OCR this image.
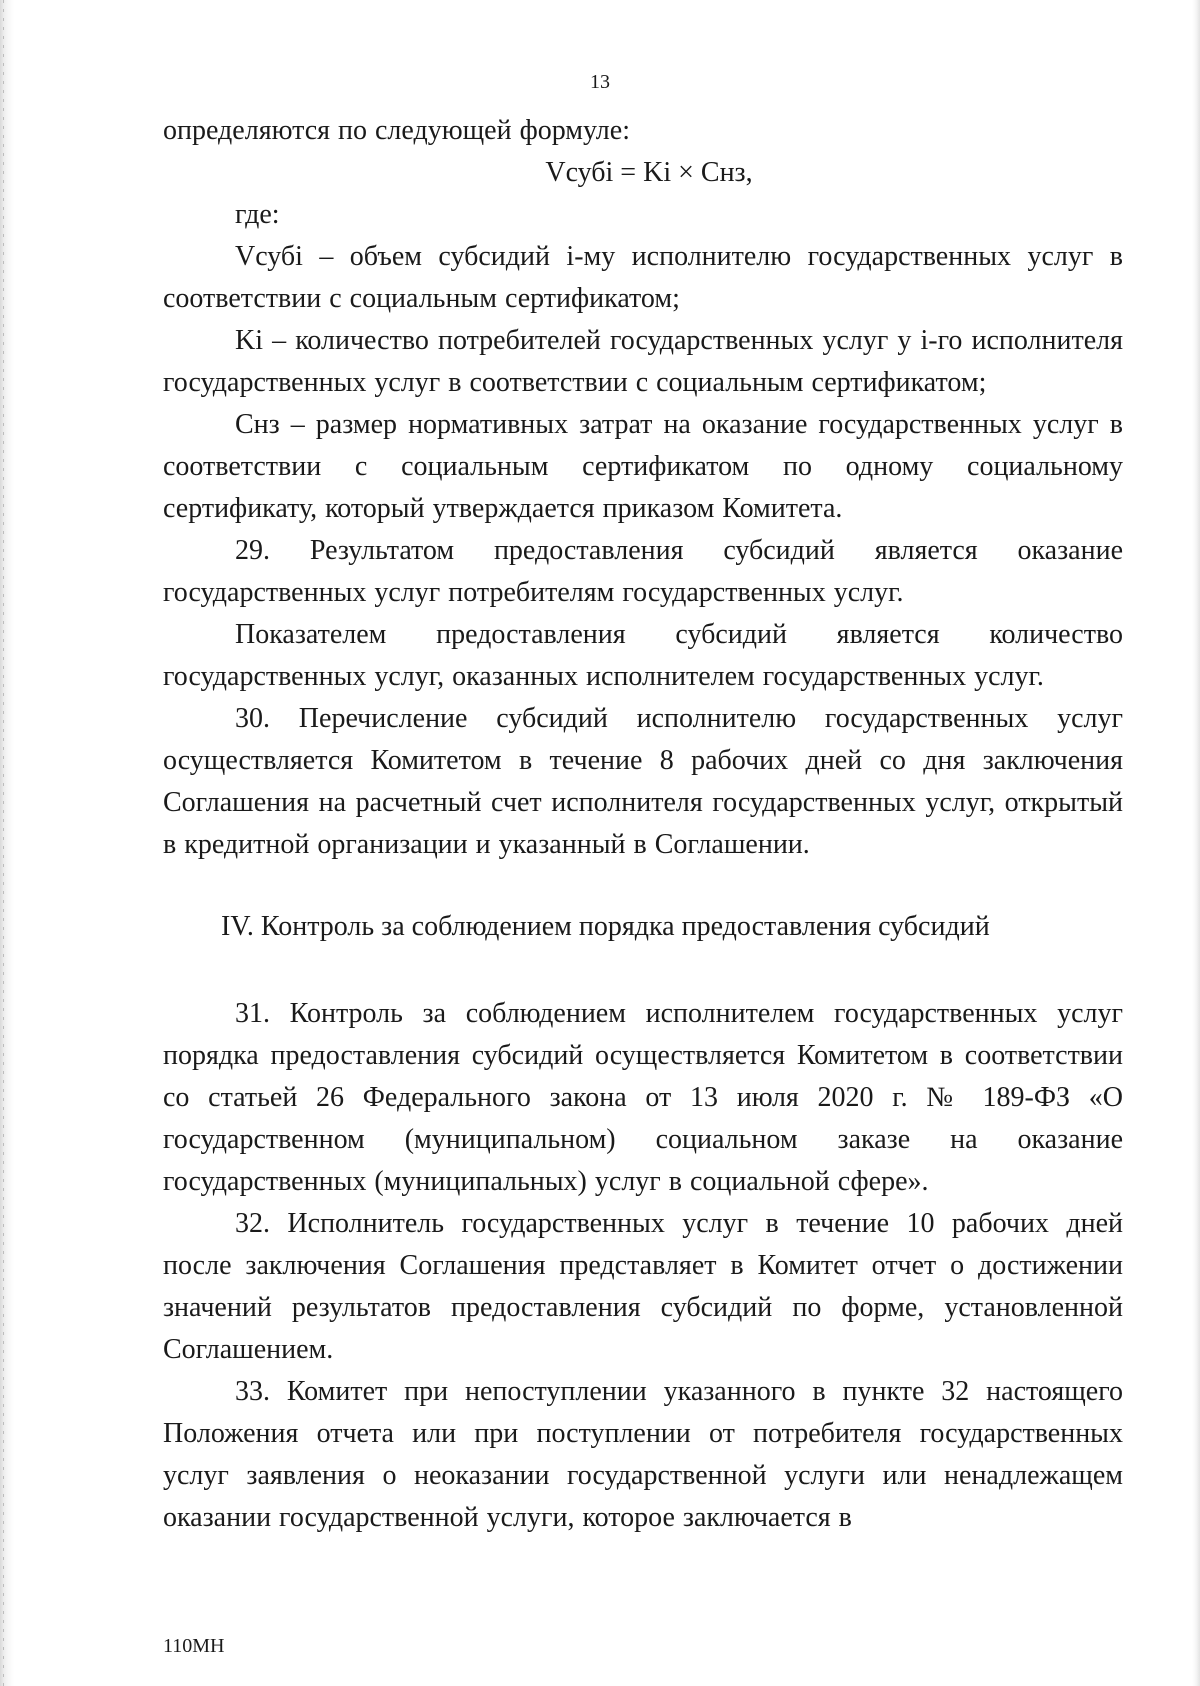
13

определяются по следующей формуле:

Vсубi = Ki × Снз,

где:

Vсубi – объем субсидий i-му исполнителю государственных услуг в соответствии с социальным сертификатом;

Ki – количество потребителей государственных услуг у i-го исполнителя государственных услуг в соответствии с социальным сертификатом;

Снз – размер нормативных затрат на оказание государственных услуг в соответствии с социальным сертификатом по одному социальному сертификату, который утверждается приказом Комитета.

29. Результатом предоставления субсидий является оказание государственных услуг потребителям государственных услуг.

Показателем предоставления субсидий является количество государственных услуг, оказанных исполнителем государственных услуг.

30. Перечисление субсидий исполнителю государственных услуг осуществляется Комитетом в течение 8 рабочих дней со дня заключения Соглашения на расчетный счет исполнителя государственных услуг, открытый в кредитной организации и указанный в Соглашении.

IV. Контроль за соблюдением порядка предоставления субсидий

31. Контроль за соблюдением исполнителем государственных услуг порядка предоставления субсидий осуществляется Комитетом в соответствии со статьей 26 Федерального закона от 13 июля 2020 г. № 189-ФЗ «О государственном (муниципальном) социальном заказе на оказание государственных (муниципальных) услуг в социальной сфере».

32. Исполнитель государственных услуг в течение 10 рабочих дней после заключения Соглашения представляет в Комитет отчет о достижении значений результатов предоставления субсидий по форме, установленной Соглашением.

33. Комитет при непоступлении указанного в пункте 32 настоящего Положения отчета или при поступлении от потребителя государственных услуг заявления о неоказании государственной услуги или ненадлежащем оказании государственной услуги, которое заключается в

110МН
